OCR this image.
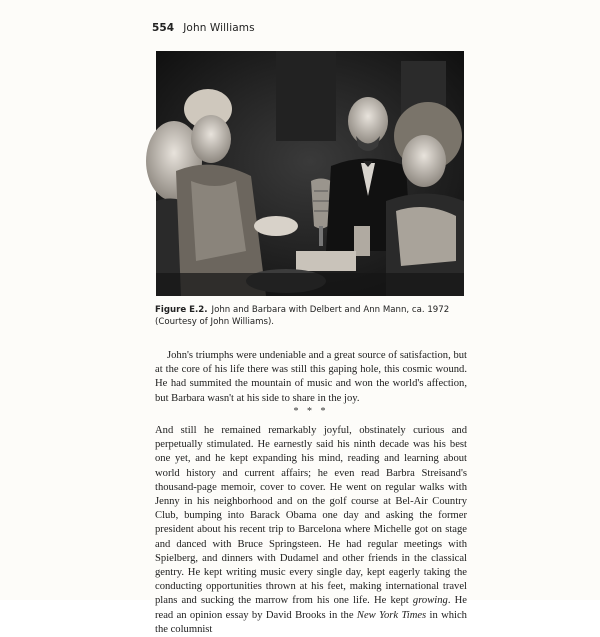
554 John Williams
Figure E.2. John and Barbara with Delbert and Ann Mann, ca. 1972 (Courtesy of John Williams).

John's triumphs were undeniable and a great source of satisfaction, but at the core of his life there was still this gaping hole, this cosmic wound. He had summited the mountain of music and won the world's affection, but Barbara wasn't at his side to share in the joy.

* * *

And still he remained remarkably joyful, obstinately curious and perpetually stimulated. He earnestly said his ninth decade was his best one yet, and he kept expanding his mind, reading and learning about world history and current affairs; he even read Barbra Streisand's thousand-page memoir, cover to cover. He went on regular walks with Jenny in his neighborhood and on the golf course at Bel-Air Country Club, bumping into Barack Obama one day and asking the former president about his recent trip to Barcelona where Michelle got on stage and danced with Bruce Springsteen. He had regular meetings with Spielberg, and dinners with Dudamel and other friends in the classical gentry. He kept writing music every single day, kept eagerly taking the conducting opportunities thrown at his feet, making international travel plans and sucking the marrow from his one life. He kept growing. He read an opinion essay by David Brooks in the New York Times in which the columnist
